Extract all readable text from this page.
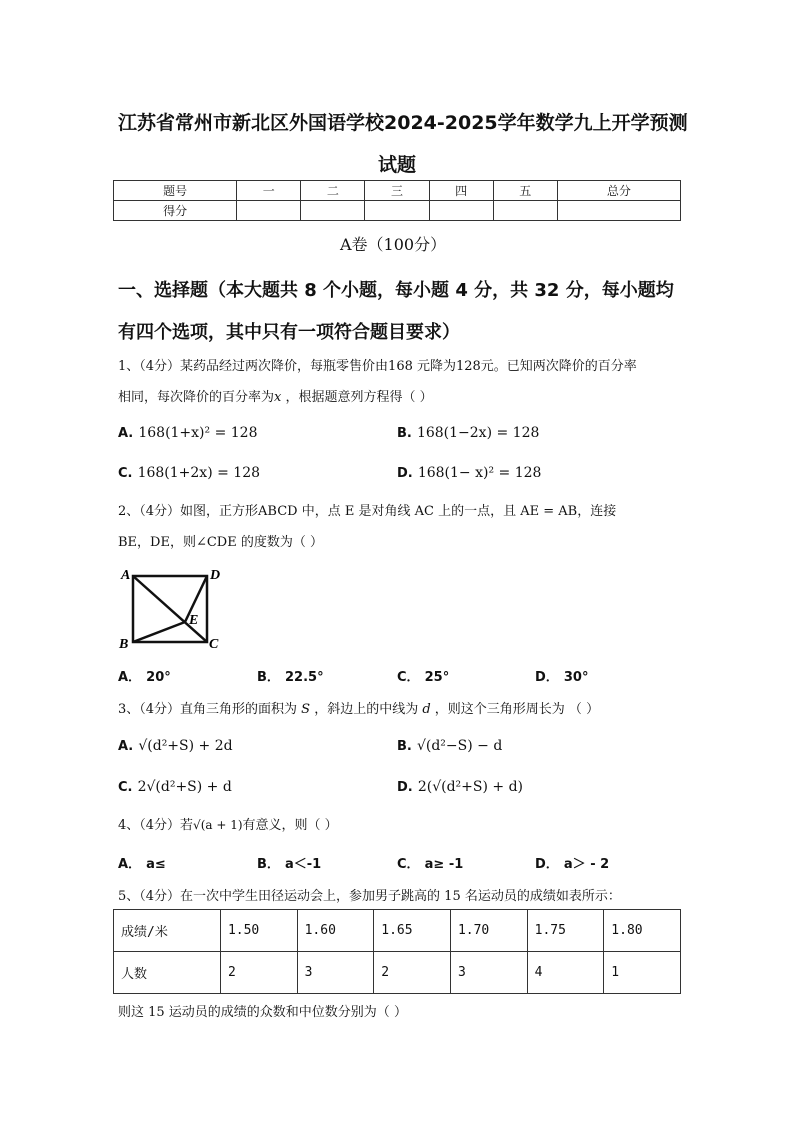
江苏省常州市新北区外国语学校2024-2025学年数学九上开学预测
试题
题号	一	二	三	四	五	总分
得分						
A卷（100分）
一、选择题（本大题共 8 个小题，每小题 4 分，共 32 分，每小题均
有四个选项，其中只有一项符合题目要求）
1、（4分）某药品经过两次降价，每瓶零售价由168 元降为128元。已知两次降价的百分率
相同，每次降价的百分率为𝑥 ，根据题意列方程得（ ）
A. 168(1+x)² = 128	B. 168(1−2x) = 128
C. 168(1+2x) = 128	D. 168(1− x)² = 128
2、（4分）如图，正方形ABCD 中，点 E 是对角线 AC 上的一点，且 AE = AB，连接
BE，DE，则∠CDE 的度数为（ ）
A	D
B	C
E
A． 20°	B． 22.5°	C． 25°	D． 30°
3、（4分）直角三角形的面积为 𝑆 ，斜边上的中线为 𝑑 ，则这个三角形周长为 （ ）
A. √(d²+S) + 2d	B. √(d²−S) − d
C. 2√(d²+S) + d	D. 2(√(d²+S) + d)
4、（4分）若√(a + 1)有意义，则（ ）
A． a≤	B． a＜-1	C． a≥ -1	D． a＞ - 2
5、（4分）在一次中学生田径运动会上，参加男子跳高的 15 名运动员的成绩如表所示：
成绩/米	1.50	1.60	1.65	1.70	1.75	1.80
人数	2	3	2	3	4	1
则这 15 运动员的成绩的众数和中位数分别为（ ）
